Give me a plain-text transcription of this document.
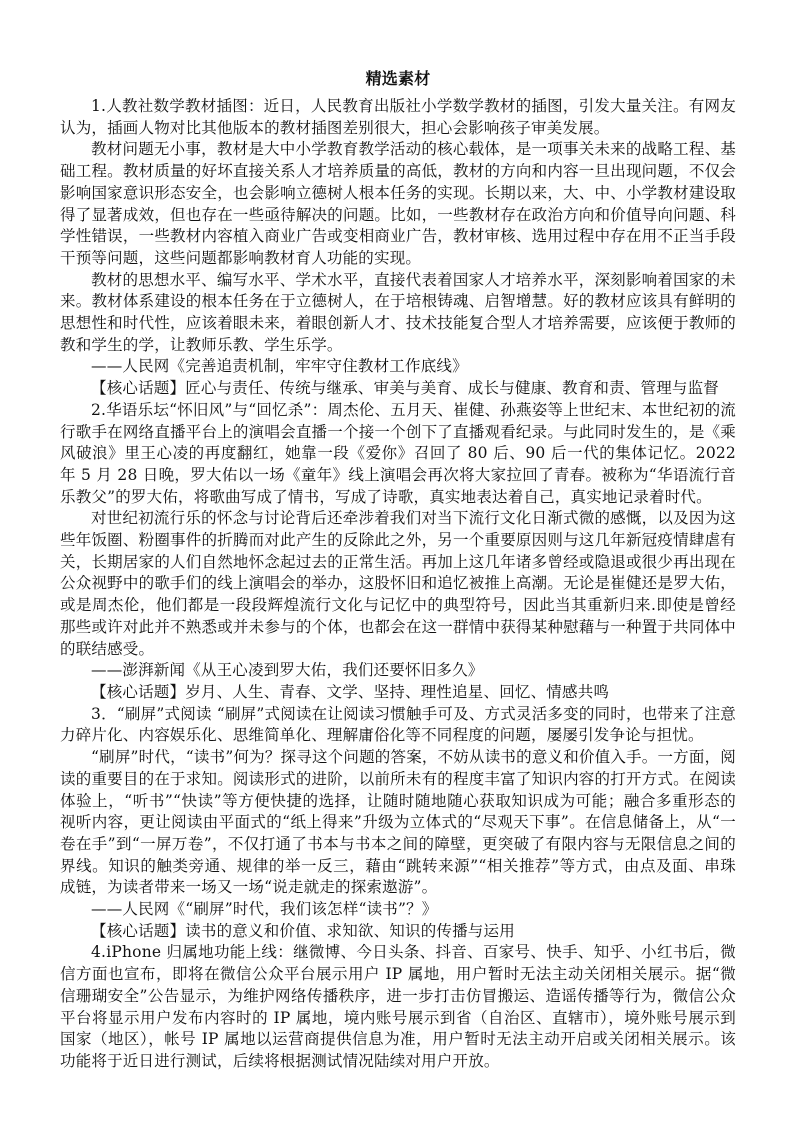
精选素材

1.人教社数学教材插图：近日，人民教育出版社小学数学教材的插图，引发大量关注。有网友认为，插画人物对比其他版本的教材插图差别很大，担心会影响孩子审美发展。

教材问题无小事，教材是大中小学教育教学活动的核心载体，是一项事关未来的战略工程、基础工程。教材质量的好坏直接关系人才培养质量的高低，教材的方向和内容一旦出现问题，不仅会影响国家意识形态安全，也会影响立德树人根本任务的实现。长期以来，大、中、小学教材建设取得了显著成效，但也存在一些亟待解决的问题。比如，一些教材存在政治方向和价值导向问题、科学性错误，一些教材内容植入商业广告或变相商业广告，教材审核、选用过程中存在用不正当手段干预等问题，这些问题都影响教材育人功能的实现。

教材的思想水平、编写水平、学术水平，直接代表着国家人才培养水平，深刻影响着国家的未来。教材体系建设的根本任务在于立德树人，在于培根铸魂、启智增慧。好的教材应该具有鲜明的思想性和时代性，应该着眼未来，着眼创新人才、技术技能复合型人才培养需要，应该便于教师的教和学生的学，让教师乐教、学生乐学。

——人民网《完善追责机制，牢牢守住教材工作底线》

【核心话题】匠心与责任、传统与继承、审美与美育、成长与健康、教育和责、管理与监督

2.华语乐坛“怀旧风”与“回忆杀”：周杰伦、五月天、崔健、孙燕姿等上世纪末、本世纪初的流行歌手在网络直播平台上的演唱会直播一个接一个创下了直播观看纪录。与此同时发生的，是《乘风破浪》里王心凌的再度翻红，她靠一段《爱你》召回了 80 后、90 后一代的集体记忆。2022 年 5 月 28 日晚，罗大佑以一场《童年》线上演唱会再次将大家拉回了青春。被称为“华语流行音乐教父”的罗大佑，将歌曲写成了情书，写成了诗歌，真实地表达着自己，真实地记录着时代。

对世纪初流行乐的怀念与讨论背后还牵涉着我们对当下流行文化日渐式微的感慨，以及因为这些年饭圈、粉圈事件的折腾而对此产生的反除此之外，另一个重要原因则与这几年新冠疫情肆虐有关，长期居家的人们自然地怀念起过去的正常生活。再加上这几年诸多曾经或隐退或很少再出现在公众视野中的歌手们的线上演唱会的举办，这股怀旧和追忆被推上高潮。无论是崔健还是罗大佑，或是周杰伦，他们都是一段段辉煌流行文化与记忆中的典型符号，因此当其重新归来.即使是曾经那些或许对此并不熟悉或并未参与的个体，也都会在这一群情中获得某种慰藉与一种置于共同体中的联结感受。

——澎湃新闻《从王心凌到罗大佑，我们还要怀旧多久》

【核心话题】岁月、人生、青春、文学、坚持、理性追星、回忆、情感共鸣

3．“刷屏”式阅读 “刷屏”式阅读在让阅读习惯触手可及、方式灵活多变的同时，也带来了注意力碎片化、内容娱乐化、思维简单化、理解庸俗化等不同程度的问题，屡屡引发争论与担忧。

“刷屏”时代，“读书”何为？探寻这个问题的答案，不妨从读书的意义和价值入手。一方面，阅读的重要目的在于求知。阅读形式的进阶，以前所未有的程度丰富了知识内容的打开方式。在阅读体验上，“听书”“快读”等方便快捷的选择，让随时随地随心获取知识成为可能；融合多重形态的视听内容，更让阅读由平面式的“纸上得来”升级为立体式的“尽观天下事”。在信息储备上，从“一卷在手”到“一屏万卷”，不仅打通了书本与书本之间的障壁，更突破了有限内容与无限信息之间的界线。知识的触类旁通、规律的举一反三，藉由“跳转来源”“相关推荐”等方式，由点及面、串珠成链，为读者带来一场又一场“说走就走的探索遨游”。

——人民网《“刷屏”时代，我们该怎样“读书”？》

【核心话题】读书的意义和价值、求知欲、知识的传播与运用

4.iPhone 归属地功能上线：继微博、今日头条、抖音、百家号、快手、知乎、小红书后，微信方面也宣布，即将在微信公众平台展示用户 IP 属地，用户暂时无法主动关闭相关展示。据“微信珊瑚安全”公告显示，为维护网络传播秩序，进一步打击仿冒搬运、造谣传播等行为，微信公众平台将显示用户发布内容时的 IP 属地，境内账号展示到省（自治区、直辖市），境外账号展示到国家（地区），帐号 IP 属地以运营商提供信息为准，用户暂时无法主动开启或关闭相关展示。该功能将于近日进行测试，后续将根据测试情况陆续对用户开放。
